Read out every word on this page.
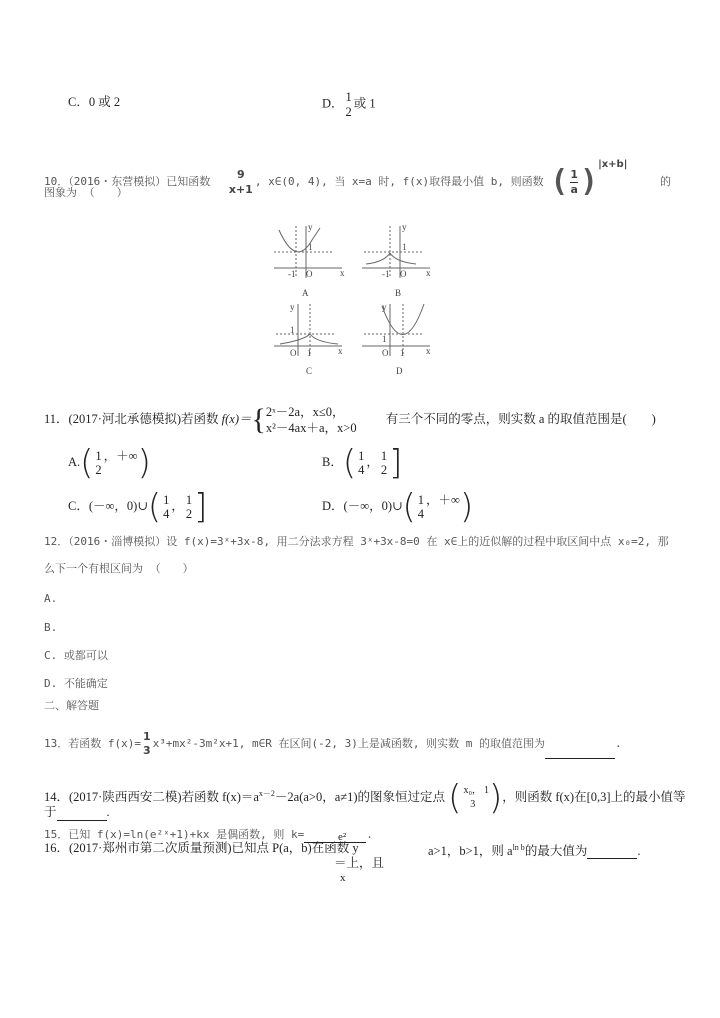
C．0 或 2	D． 1
2
或 1
10．（2016・东营模拟）已知函数
9
x+1
, x∈(0, 4), 当 x=a 时, f(x)取得最小值 b, 则函数 ( $\frac{1}{a} )^{|x+b|}$ 的
图象为 （　　）
y
x
O
1
-1
A
y
x
O
1
-1
B
y
x
O
1
1
C
y
x
O
1
1
D
11．(2017·河北承德模拟)若函数 f(x)＝{ 2ˣ－2a，x≤0，
x²－4ax＋a，x>0
有三个不同的零点，则实数 a 的取值范围是(　　)
A.( 1
2
，＋∞)	B．( 1
4
， 1
2 ]
C．(－∞，0)∪( 1
4
， 1
2 ]	D．(－∞，0)∪( 1
4
，＋∞)
12．（2016・淄博模拟）设 f(x)=3ˣ+3x-8, 用二分法求方程 3ˣ+3x-8=0 在 x∈上的近似解的过程中取区间中点 x₀=2, 那
么下一个有根区间为 （　　）
A.
B.
C. 或都可以
D. 不能确定
二、解答题
13．若函数 f(x)=
1
3
x³+mx²-3m²x+1, m∈R 在区间(-2, 3)上是减函数, 则实数 m 的取值范围为	.
14．(2017·陕西西安二模)若函数 $f(x)=a^{x-2}-2a(a>0$，a≠1)的图象恒过定点 ( x₀，
3
$^1$)，则函数 f(x)在[0,3]上的最小值等
于	.
15．已知 f(x)=ln(e²ˣ+1)+kx 是偶函数, 则 k=	.
16．(2017·郑州市第二次质量预测)已知点 P(a，b)在函数 y
e²
＝上，且
x
a>1，b>1，则 $a^{ln b}$的最大值为	.
